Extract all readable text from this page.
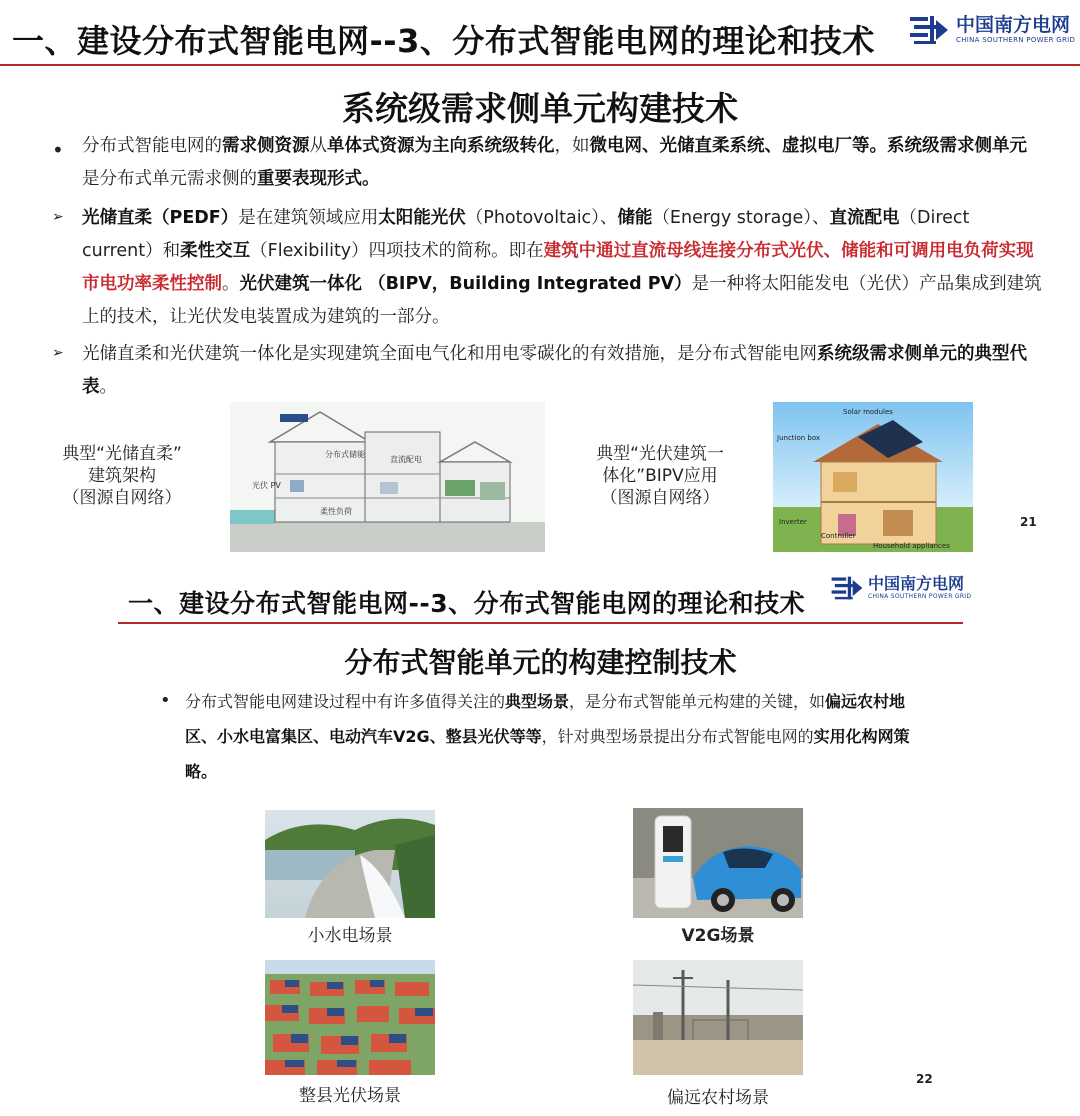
一、建设分布式智能电网--3、分布式智能电网的理论和技术	中国南方电网
CHINA SOUTHERN POWER GRID
系统级需求侧单元构建技术
• 分布式智能电网的需求侧资源从单体式资源为主向系统级转化，如微电网、光储直柔系统、虚拟电厂等。系统级需求侧单元是分布式单元需求侧的重要表现形式。
➢ 光储直柔（PEDF）是在建筑领域应用太阳能光伏（Photovoltaic）、储能（Energy storage）、直流配电（Direct current）和柔性交互（Flexibility）四项技术的简称。即在建筑中通过直流母线连接分布式光伏、储能和可调用电负荷实现市电功率柔性控制。光伏建筑一体化 （BIPV，Building Integrated PV）是一种将太阳能发电（光伏）产品集成到建筑上的技术，让光伏发电装置成为建筑的一部分。
➢ 光储直柔和光伏建筑一体化是实现建筑全面电气化和用电零碳化的有效措施，是分布式智能电网系统级需求侧单元的典型代表。
典型“光储直柔”
建筑架构
（图源自网络）
光伏 PV
分布式储能
直流配电
柔性负荷
典型“光伏建筑一
体化”BIPV应用
（图源自网络）
Solar modules
Junction box
Inverter
Controller
Household appliances
21
一、建设分布式智能电网--3、分布式智能电网的理论和技术
中国南方电网
CHINA SOUTHERN POWER GRID
分布式智能单元的构建控制技术
• 分布式智能电网建设过程中有许多值得关注的典型场景，是分布式智能单元构建的关键，如偏远农村地区、小水电富集区、电动汽车V2G、整县光伏等等，针对典型场景提出分布式智能电网的实用化构网策略。
小水电场景	V2G场景
整县光伏场景	偏远农村场景
22
